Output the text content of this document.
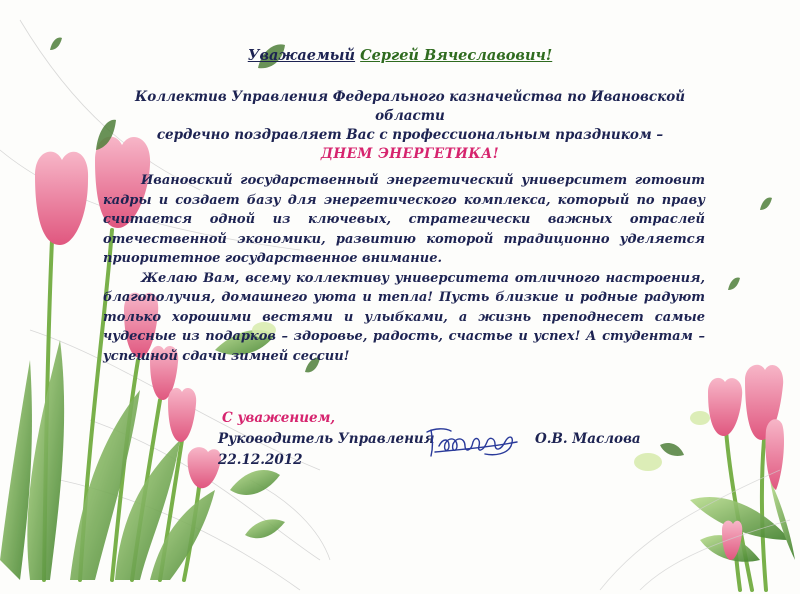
Уважаемый Сергей Вячеславович!
Коллектив Управления Федерального казначейства по Ивановской области
сердечно поздравляет Вас с профессиональным праздником –
ДНЕМ ЭНЕРГЕТИКА!

Ивановский государственный энергетический университет готовит кадры и создает базу для энергетического комплекса, который по праву считается одной из ключевых, стратегически важных отраслей отечественной экономики, развитию которой традиционно уделяется приоритетное государственное внимание.

Желаю Вам, всему коллективу университета отличного настроения, благополучия, домашнего уюта и тепла! Пусть близкие и родные радуют только хорошими вестями и улыбками, а жизнь преподнесет самые чудесные из подарков – здоровье, радость, счастье и успех! А студентам – успешной сдачи зимней сессии!

С уважением,
Руководитель Управления
22.12.2012
О.В. Маслова
